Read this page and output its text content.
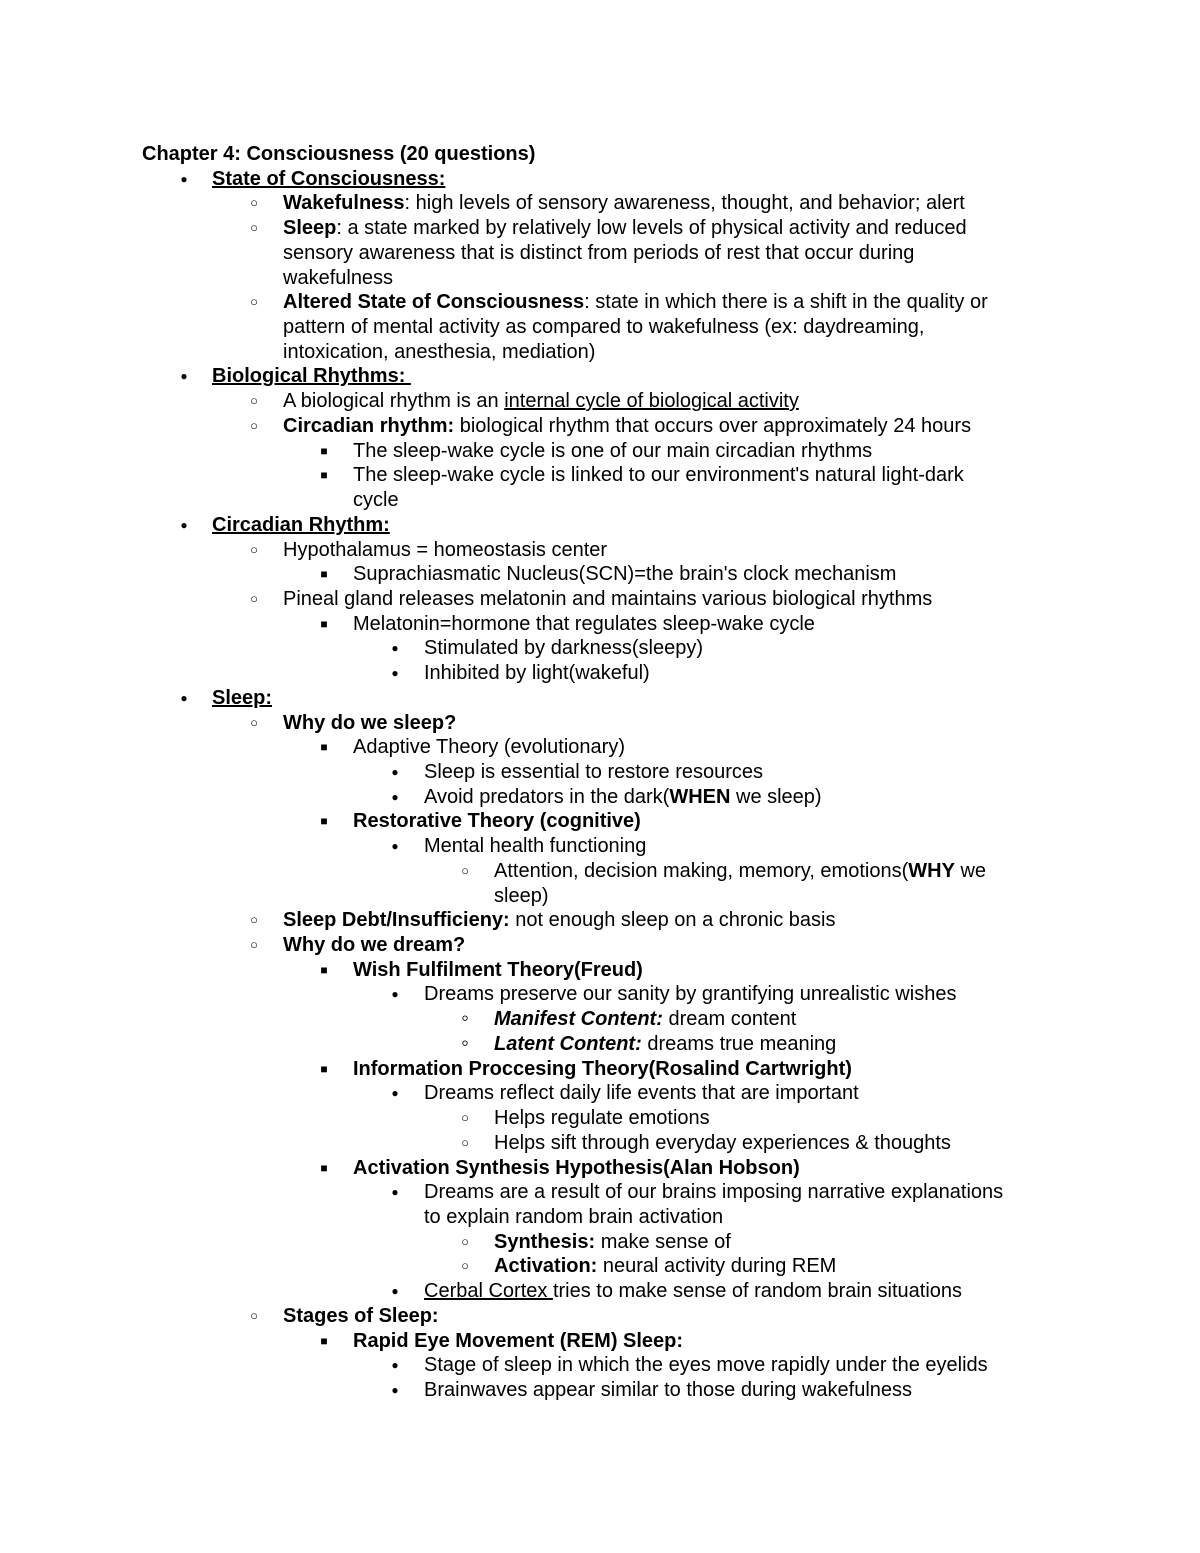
Chapter 4: Consciousness (20 questions)
●
State of Consciousness:
○
Wakefulness: high levels of sensory awareness, thought, and behavior; alert
○
Sleep: a state marked by relatively low levels of physical activity and reduced
sensory awareness that is distinct from periods of rest that occur during
wakefulness
○
Altered State of Consciousness: state in which there is a shift in the quality or
pattern of mental activity as compared to wakefulness (ex: daydreaming,
intoxication, anesthesia, mediation)
●
Biological Rhythms:
○
A biological rhythm is an internal cycle of biological activity
○
Circadian rhythm: biological rhythm that occurs over approximately 24 hours
■
The sleep-wake cycle is one of our main circadian rhythms
■
The sleep-wake cycle is linked to our environment's natural light-dark
cycle
●
Circadian Rhythm:
○
Hypothalamus = homeostasis center
■
Suprachiasmatic Nucleus(SCN)=the brain's clock mechanism
○
Pineal gland releases melatonin and maintains various biological rhythms
■
Melatonin=hormone that regulates sleep-wake cycle
●
Stimulated by darkness(sleepy)
●
Inhibited by light(wakeful)
●
Sleep:
○
Why do we sleep?
■
Adaptive Theory (evolutionary)
●
Sleep is essential to restore resources
●
Avoid predators in the dark(WHEN we sleep)
■
Restorative Theory (cognitive)
●
Mental health functioning
○
Attention, decision making, memory, emotions(WHY we
sleep)
○
Sleep Debt/Insufficieny: not enough sleep on a chronic basis
○
Why do we dream?
■
Wish Fulfilment Theory(Freud)
●
Dreams preserve our sanity by grantifying unrealistic wishes
◦
Manifest Content: dream content
◦
Latent Content: dreams true meaning
■
Information Proccesing Theory(Rosalind Cartwright)
●
Dreams reflect daily life events that are important
○
Helps regulate emotions
○
Helps sift through everyday experiences & thoughts
■
Activation Synthesis Hypothesis(Alan Hobson)
●
Dreams are a result of our brains imposing narrative explanations
to explain random brain activation
○
Synthesis: make sense of
○
Activation: neural activity during REM
●
Cerbal Cortex tries to make sense of random brain situations
○
Stages of Sleep:
■
Rapid Eye Movement (REM) Sleep:
●
Stage of sleep in which the eyes move rapidly under the eyelids
●
Brainwaves appear similar to those during wakefulness
